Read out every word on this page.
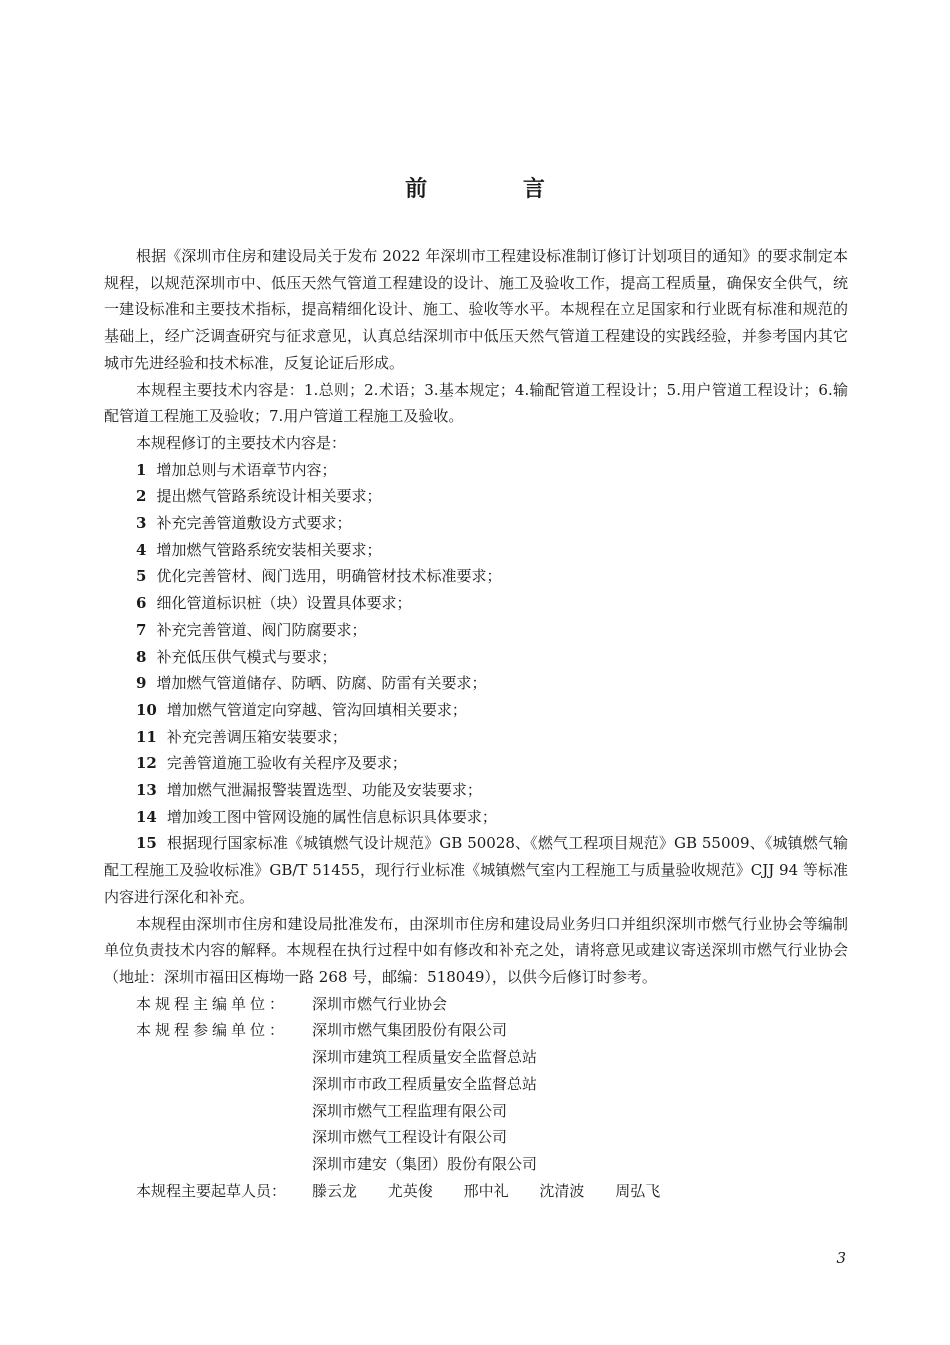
前 言

根据《深圳市住房和建设局关于发布 2022 年深圳市工程建设标准制订修订计划项目的通知》的要求制定本规程，以规范深圳市中、低压天然气管道工程建设的设计、施工及验收工作，提高工程质量，确保安全供气，统一建设标准和主要技术指标，提高精细化设计、施工、验收等水平。本规程在立足国家和行业既有标准和规范的基础上，经广泛调查研究与征求意见，认真总结深圳市中低压天然气管道工程建设的实践经验，并参考国内其它城市先进经验和技术标准，反复论证后形成。

本规程主要技术内容是：1.总则；2.术语；3.基本规定；4.输配管道工程设计；5.用户管道工程设计；6.输配管道工程施工及验收；7.用户管道工程施工及验收。

本规程修订的主要技术内容是：

1 增加总则与术语章节内容；

2 提出燃气管路系统设计相关要求；

3 补充完善管道敷设方式要求；

4 增加燃气管路系统安装相关要求；

5 优化完善管材、阀门选用，明确管材技术标准要求；

6 细化管道标识桩（块）设置具体要求；

7 补充完善管道、阀门防腐要求；

8 补充低压供气模式与要求；

9 增加燃气管道储存、防晒、防腐、防雷有关要求；

10 增加燃气管道定向穿越、管沟回填相关要求；

11 补充完善调压箱安装要求；

12 完善管道施工验收有关程序及要求；

13 增加燃气泄漏报警装置选型、功能及安装要求；

14 增加竣工图中管网设施的属性信息标识具体要求；

15 根据现行国家标准《城镇燃气设计规范》GB 50028、《燃气工程项目规范》GB 55009、《城镇燃气输配工程施工及验收标准》GB/T 51455，现行行业标准《城镇燃气室内工程施工与质量验收规范》CJJ 94 等标准内容进行深化和补充。

本规程由深圳市住房和建设局批准发布，由深圳市住房和建设局业务归口并组织深圳市燃气行业协会等编制单位负责技术内容的解释。本规程在执行过程中如有修改和补充之处，请将意见或建议寄送深圳市燃气行业协会（地址：深圳市福田区梅坳一路 268 号，邮编：518049），以供今后修订时参考。

本规程主编单位：	深圳市燃气行业协会
本规程参编单位：	深圳市燃气集团股份有限公司
深圳市建筑工程质量安全监督总站
深圳市市政工程质量安全监督总站
深圳市燃气工程监理有限公司
深圳市燃气工程设计有限公司
深圳市建安（集团）股份有限公司
本规程主要起草人员：	滕云龙 尤英俊 邢中礼 沈清波 周弘飞
3
